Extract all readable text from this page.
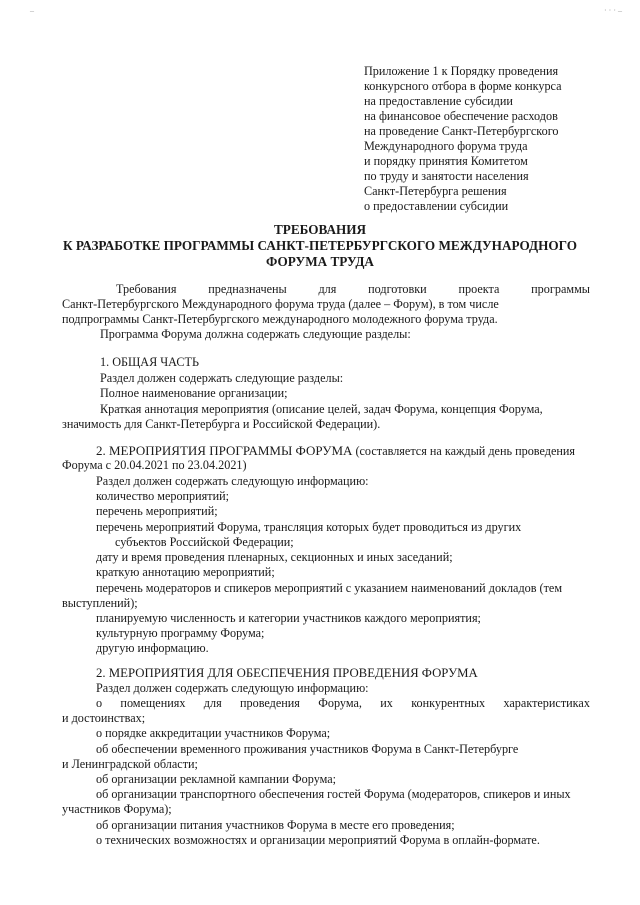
–	· · · –
Приложение 1 к Порядку проведения
конкурсного отбора в форме конкурса
на предоставление субсидии
на финансовое обеспечение расходов
на проведение Санкт-Петербургского
Международного форума труда
и порядку принятия Комитетом
по труду и занятости населения
Санкт-Петербурга решения
о предоставлении субсидии
ТРЕБОВАНИЯ
К РАЗРАБОТКЕ ПРОГРАММЫ САНКТ-ПЕТЕРБУРГСКОГО МЕЖДУНАРОДНОГО
ФОРУМА ТРУДА
Требования	предназначены	для	подготовки	проекта	программы
Санкт-Петербургского Международного форума труда (далее – Форум), в том числе
подпрограммы Санкт-Петербургского международного молодежного форума труда.
Программа Форума должна содержать следующие разделы:
1. ОБЩАЯ ЧАСТЬ
Раздел должен содержать следующие разделы:
Полное наименование организации;
Краткая аннотация мероприятия (описание целей, задач Форума, концепция Форума,
значимость для Санкт-Петербурга и Российской Федерации).
2. МЕРОПРИЯТИЯ ПРОГРАММЫ ФОРУМА (составляется на каждый день проведения
Форума с 20.04.2021 по 23.04.2021)
Раздел должен содержать следующую информацию:
количество мероприятий;
перечень мероприятий;
перечень мероприятий Форума, трансляция которых будет проводиться из других
субъектов Российской Федерации;
дату и время проведения пленарных, секционных и иных заседаний;
краткую аннотацию мероприятий;
перечень модераторов и спикеров мероприятий с указанием наименований докладов (тем
выступлений);
планируемую численность и категории участников каждого мероприятия;
культурную программу Форума;
другую информацию.
2. МЕРОПРИЯТИЯ ДЛЯ ОБЕСПЕЧЕНИЯ ПРОВЕДЕНИЯ ФОРУМА
Раздел должен содержать следующую информацию:
о помещениях для проведения Форума, их конкурентных характеристиках
и достоинствах;
о порядке аккредитации участников Форума;
об обеспечении временного проживания участников Форума в Санкт-Петербурге
и Ленинградской области;
об организации рекламной кампании Форума;
об организации транспортного обеспечения гостей Форума (модераторов, спикеров и иных
участников Форума);
об организации питания участников Форума в месте его проведения;
о технических возможностях и организации мероприятий Форума в оплайн-формате.
